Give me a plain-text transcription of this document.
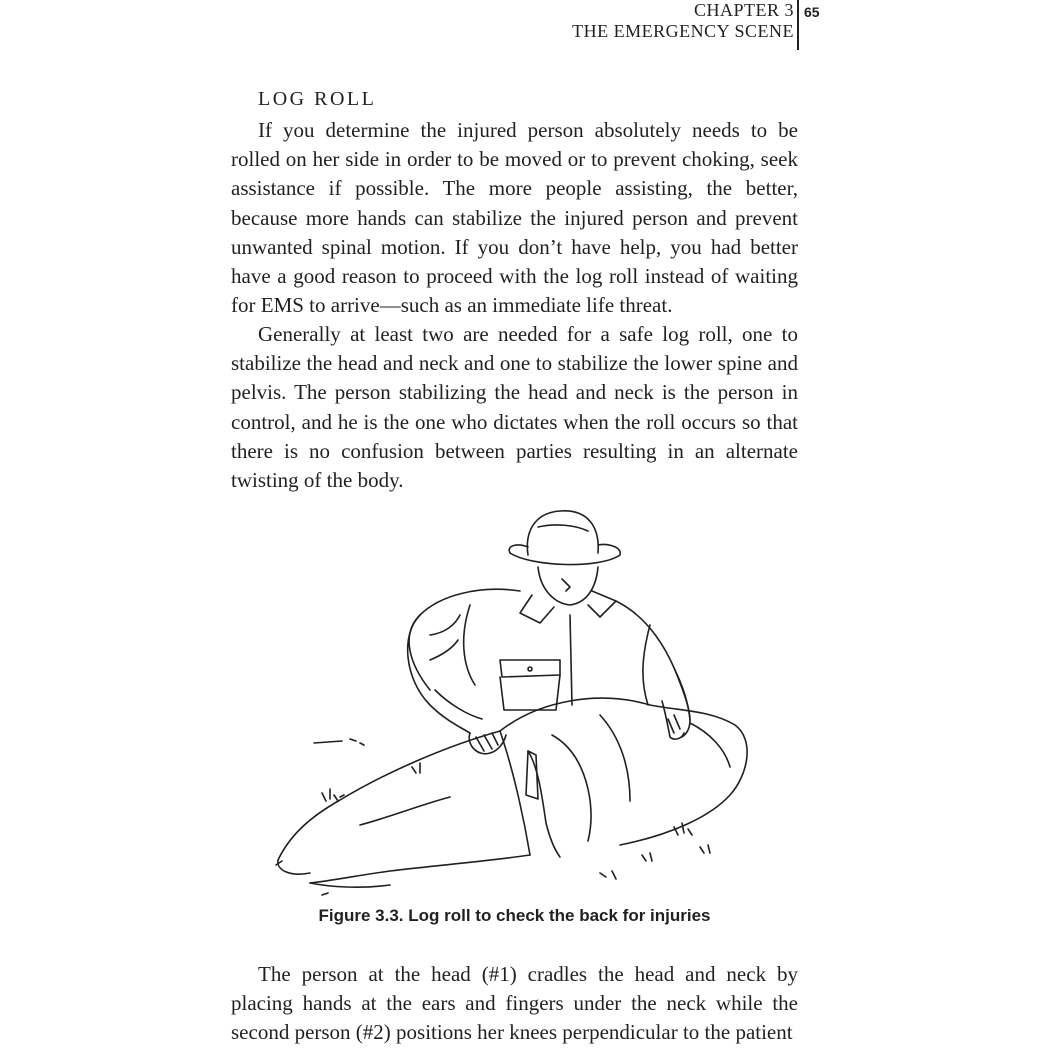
CHAPTER 3
THE EMERGENCY SCENE
65
LOG ROLL

If you determine the injured person absolutely needs to be rolled on her side in order to be moved or to prevent choking, seek assistance if possible. The more people assisting, the better, because more hands can stabilize the injured person and prevent unwanted spinal motion. If you don’t have help, you had better have a good reason to proceed with the log roll instead of waiting for EMS to arrive—such as an immediate life threat.

Generally at least two are needed for a safe log roll, one to stabilize the head and neck and one to stabilize the lower spine and pelvis. The person stabilizing the head and neck is the person in control, and he is the one who dictates when the roll occurs so that there is no confusion between parties resulting in an alternate twisting of the body.

Figure 3.3. Log roll to check the back for injuries

The person at the head (#1) cradles the head and neck by placing hands at the ears and fingers under the neck while the second person (#2) positions her knees perpendicular to the patient
